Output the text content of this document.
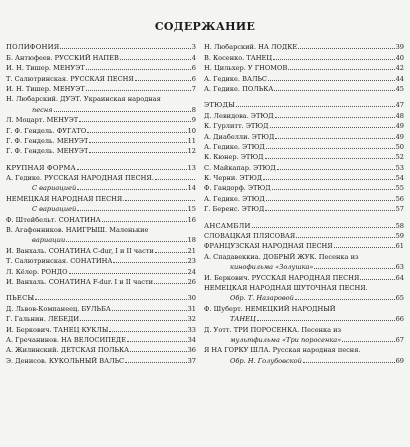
СОДЕРЖАНИЕ
ПОЛИФОНИЯ	3
Б. Антюфеев. РУССКИЙ НАПЕВ	4
И. Н. Тишер. МЕНУЭТ	6
Т. Салютринская. РУССКАЯ ПЕСНЯ	6
И. Н. Тишер. МЕНУЭТ	7
Н. Любарский. ДУЭТ. Украинская народная
песня	8
Л. Моцарт. МЕНУЭТ	9
Г. Ф. Гендель. ФУГАТО	10
Г. Ф. Гендель. МЕНУЭТ	11
Г. Ф. Гендель. МЕНУЭТ	12
КРУПНАЯ ФОРМА	13
А. Гедике. РУССКАЯ НАРОДНАЯ ПЕСНЯ.
С вариацией	14
НЕМЕЦКАЯ НАРОДНАЯ ПЕСНЯ.
С вариацией	15
Ф. Штейбельт. СОНАТИНА	16
В. Агафонников. НАИГРЫШ. Маленькие
вариации	18
И. Ванхаль. СОНАТИНА C-dur, I и II части	21
Т. Салютринская. СОНАТИНА	23
Л. Кёлер. РОНДО	24
И. Ванхаль. СОНАТИНА F-dur. I и II части	26
ПЬЕСЫ	30
Д. Львов-Компанеец. БУЛЬБА	31
Г. Гальнин. ЛЕБЕДИ	32
И. Беркович. ТАНЕЦ КУКЛЫ	33
А. Гречанинов. НА ВЕЛОСИПЕДЕ	34
А. Жилинский. ДЕТСКАЯ ПОЛЬКА	36
Э. Денисов. КУКОЛЬНЫЙ ВАЛЬС	37
Н. Любарский. НА ЛОДКЕ	39
В. Косенко. ТАНЕЦ	40
Н. Цильхер. У ГНОМОВ	42
А. Гедике. ВАЛЬС	44
А. Гедике. ПОЛЬКА	45
ЭТЮДЫ	47
Д. Левидова. ЭТЮД	48
К. Гурлитт. ЭТЮД	49
А. Диабелли. ЭТЮД	49
А. Гедике. ЭТЮД	50
К. Кюнер. ЭТЮД	52
С. Майкапар. ЭТЮД	53
К. Черни. ЭТЮД	54
Ф. Гандорф. ЭТЮД	55
А. Гедике. ЭТЮД	56
Г. Беренс. ЭТЮД	57
АНСАМБЛИ	58
СЛОВАЦКАЯ ПЛЯСОВАЯ	59
ФРАНЦУЗСКАЯ НАРОДНАЯ ПЕСНЯ	61
А. Спадавеккиа. ДОБРЫЙ ЖУК. Песенка из
кинофильма «Золушка»	63
И. Беркович. РУССКАЯ НАРОДНАЯ ПЕСНЯ	64
НЕМЕЦКАЯ НАРОДНАЯ ШУТОЧНАЯ ПЕСНЯ.
Обр. Т. Назаровой	65
Ф. Шуберт. НЕМЕЦКИЙ НАРОДНЫЙ
ТАНЕЦ	66
Д. Уотт. ТРИ ПОРОСЕНКА. Песенка из
мультфильма «Три поросенка»	67
Я НА ГОРКУ ШЛА. Русская народная песня.
Обр. Н. Голубовской	69
